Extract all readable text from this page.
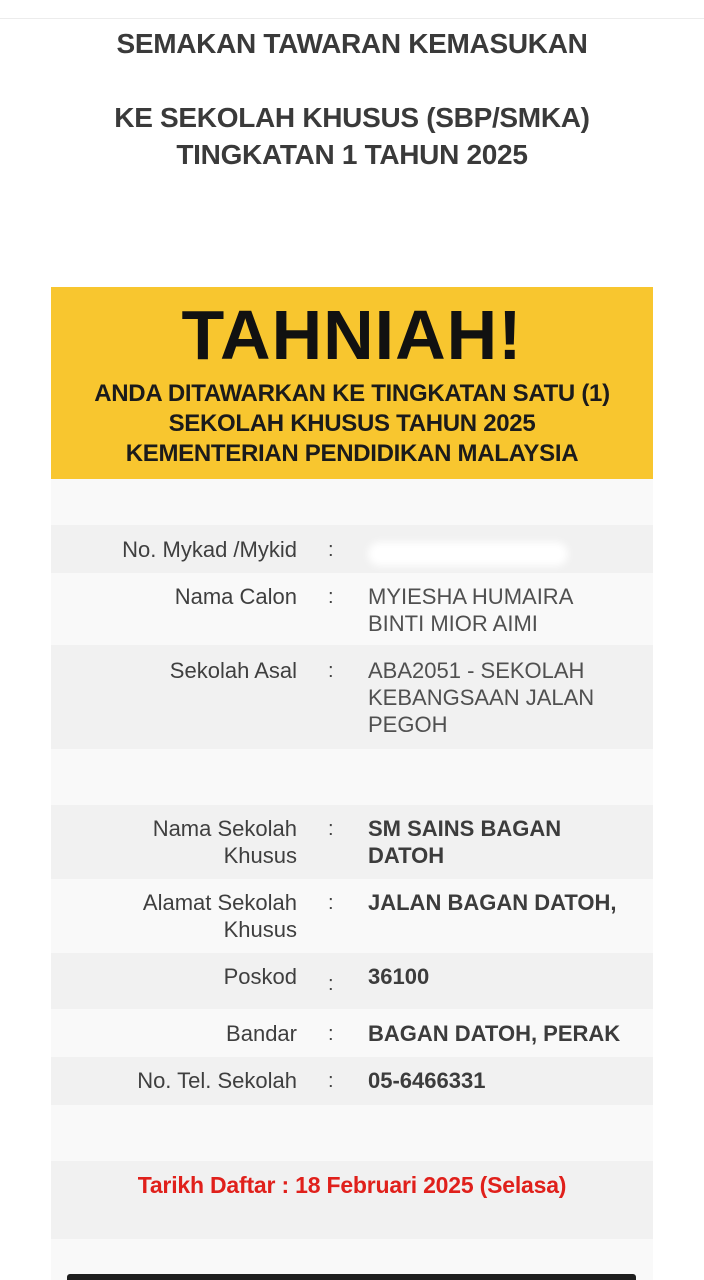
SEMAKAN TAWARAN KEMASUKAN
KE SEKOLAH KHUSUS (SBP/SMKA)
TINGKATAN 1 TAHUN 2025
TAHNIAH!
ANDA DITAWARKAN KE TINGKATAN SATU (1)
SEKOLAH KHUSUS TAHUN 2025
KEMENTERIAN PENDIDIKAN MALAYSIA
No. Mykad /Mykid :
Nama Calon : MYIESHA HUMAIRA
BINTI MIOR AIMI
Sekolah Asal : ABA2051 - SEKOLAH
KEBANGSAAN JALAN
PEGOH
Nama Sekolah
Khusus
: SM SAINS BAGAN
DATOH
Alamat Sekolah
Khusus
: JALAN BAGAN DATOH,
Poskod : 36100
Bandar : BAGAN DATOH, PERAK
No. Tel. Sekolah : 05-6466331
Tarikh Daftar : 18 Februari 2025 (Selasa)
